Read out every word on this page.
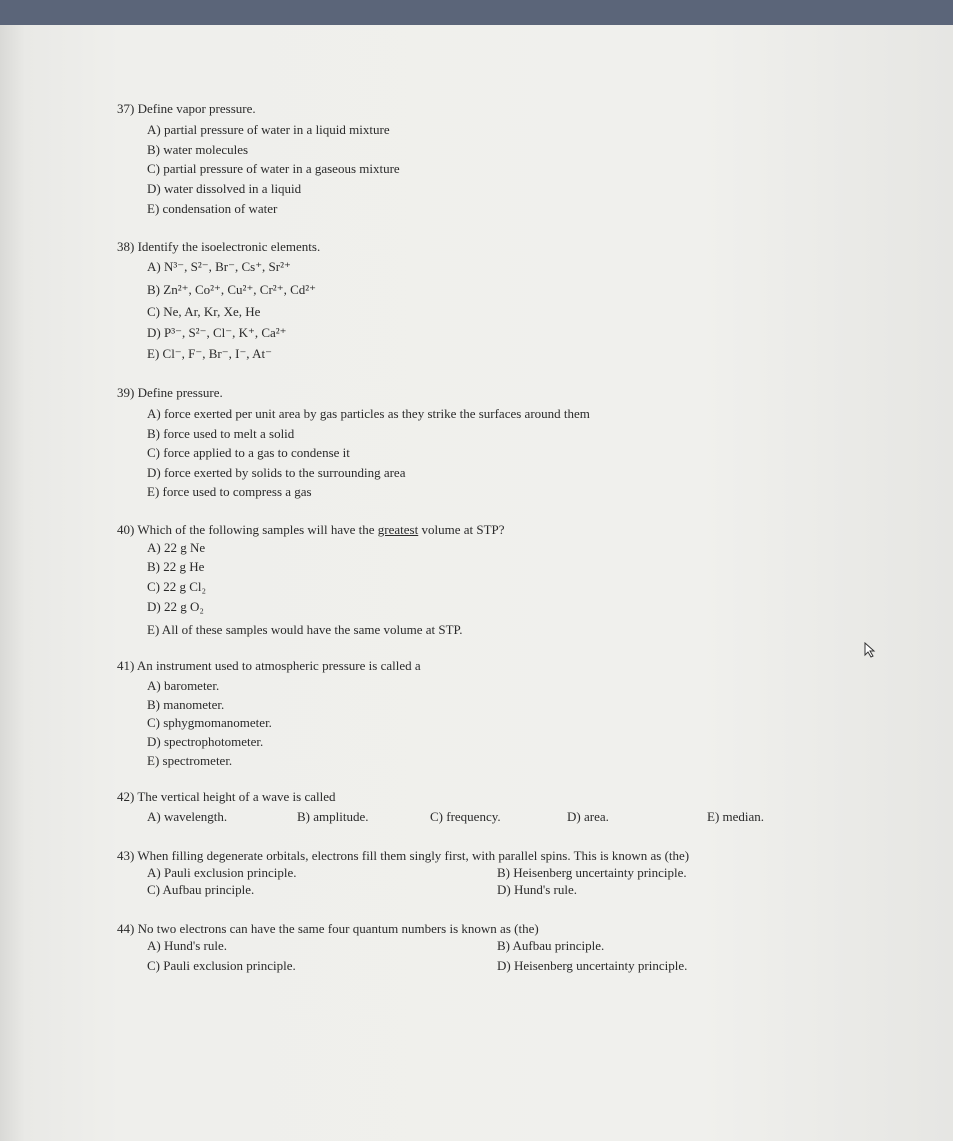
37) Define vapor pressure.
A) partial pressure of water in a liquid mixture
B) water molecules
C) partial pressure of water in a gaseous mixture
D) water dissolved in a liquid
E) condensation of water
38) Identify the isoelectronic elements.
A) N³⁻, S²⁻, Br⁻, Cs⁺, Sr²⁺
B) Zn²⁺, Co²⁺, Cu²⁺, Cr²⁺, Cd²⁺
C) Ne, Ar, Kr, Xe, He
D) P³⁻, S²⁻, Cl⁻, K⁺, Ca²⁺
E) Cl⁻, F⁻, Br⁻, I⁻, At⁻
39) Define pressure.
A) force exerted per unit area by gas particles as they strike the surfaces around them
B) force used to melt a solid
C) force applied to a gas to condense it
D) force exerted by solids to the surrounding area
E) force used to compress a gas
40) Which of the following samples will have the greatest volume at STP?
A) 22 g Ne
B) 22 g He
C) 22 g Cl₂
D) 22 g O₂
E) All of these samples would have the same volume at STP.
41) An instrument used to atmospheric pressure is called a
A) barometer.
B) manometer.
C) sphygmomanometer.
D) spectrophotometer.
E) spectrometer.
42) The vertical height of a wave is called
A) wavelength.	B) amplitude.	C) frequency.	D) area.	E) median.
43) When filling degenerate orbitals, electrons fill them singly first, with parallel spins. This is known as (the)
A) Pauli exclusion principle.	B) Heisenberg uncertainty principle.
C) Aufbau principle.	D) Hund's rule.
44) No two electrons can have the same four quantum numbers is known as (the)
A) Hund's rule.	B) Aufbau principle.
C) Pauli exclusion principle.	D) Heisenberg uncertainty principle.
